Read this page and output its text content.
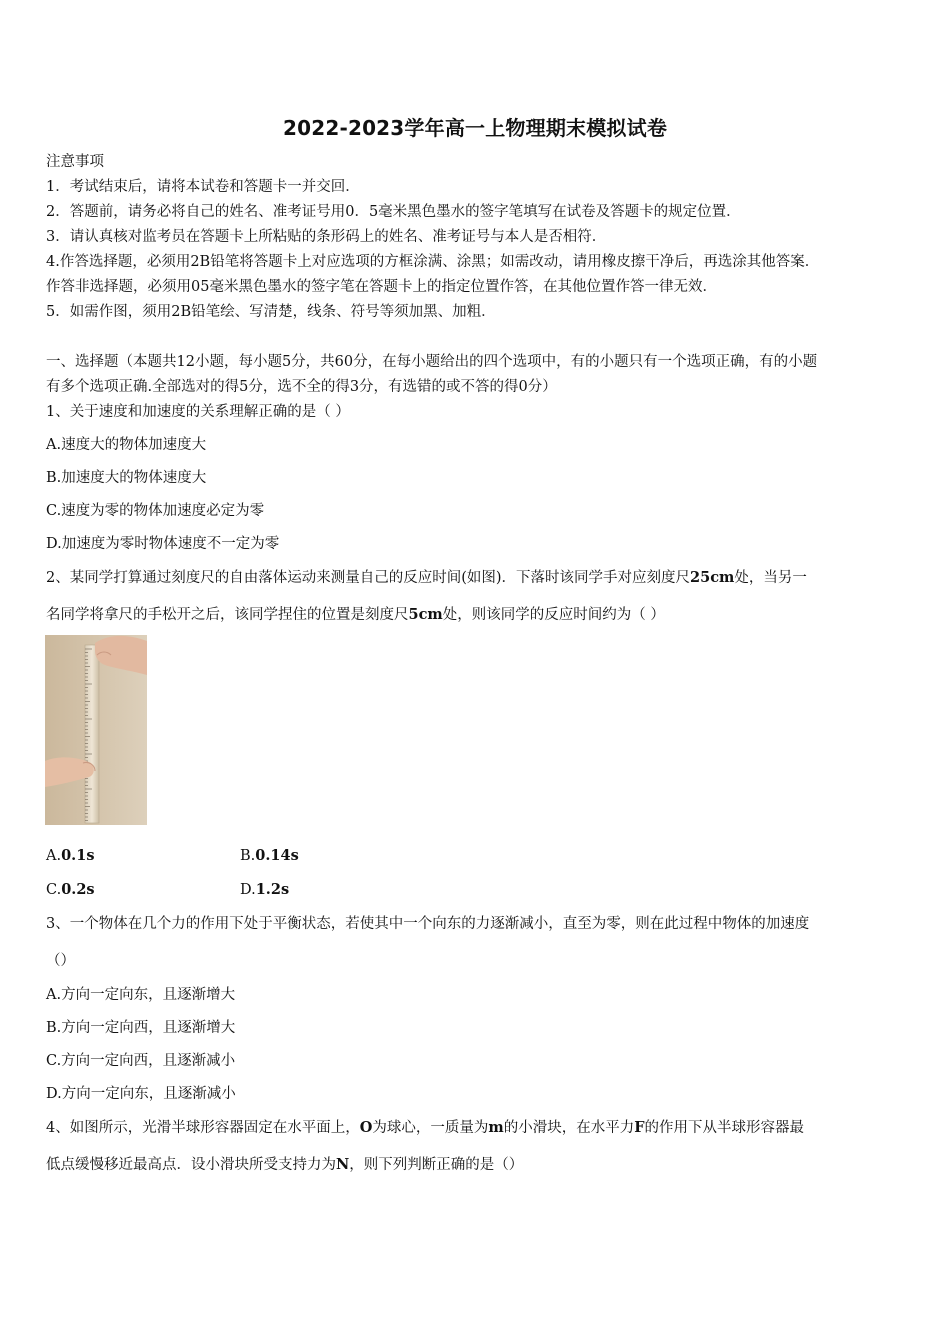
2022-2023学年高一上物理期末模拟试卷
注意事项
1．考试结束后，请将本试卷和答题卡一并交回．
2．答题前，请务必将自己的姓名、准考证号用0．5毫米黑色墨水的签字笔填写在试卷及答题卡的规定位置．
3．请认真核对监考员在答题卡上所粘贴的条形码上的姓名、准考证号与本人是否相符．
4.作答选择题，必须用2B铅笔将答题卡上对应选项的方框涂满、涂黑；如需改动，请用橡皮擦干净后，再选涂其他答案．
作答非选择题，必须用05毫米黑色墨水的签字笔在答题卡上的指定位置作答，在其他位置作答一律无效．
5．如需作图，须用2B铅笔绘、写清楚，线条、符号等须加黑、加粗．
一、选择题（本题共12小题，每小题5分，共60分，在每小题给出的四个选项中，有的小题只有一个选项正确，有的小题
有多个选项正确.全部选对的得5分，选不全的得3分，有选错的或不答的得0分）
1、关于速度和加速度的关系理解正确的是（ ）
A.速度大的物体加速度大
B.加速度大的物体速度大
C.速度为零的物体加速度必定为零
D.加速度为零时物体速度不一定为零
2、某同学打算通过刻度尺的自由落体运动来测量自己的反应时间(如图)．下落时该同学手对应刻度尺25cm处，当另一
名同学将拿尺的手松开之后，该同学捏住的位置是刻度尺5cm处，则该同学的反应时间约为（ ）
A.0.1s	B.0.14s
C.0.2s	D.1.2s
3、一个物体在几个力的作用下处于平衡状态，若使其中一个向东的力逐渐减小，直至为零，则在此过程中物体的加速度
（）
A.方向一定向东，且逐渐增大
B.方向一定向西，且逐渐增大
C.方向一定向西，且逐渐减小
D.方向一定向东，且逐渐减小
4、如图所示，光滑半球形容器固定在水平面上，O为球心，一质量为m的小滑块，在水平力F的作用下从半球形容器最
低点缓慢移近最高点．设小滑块所受支持力为N，则下列判断正确的是（）
